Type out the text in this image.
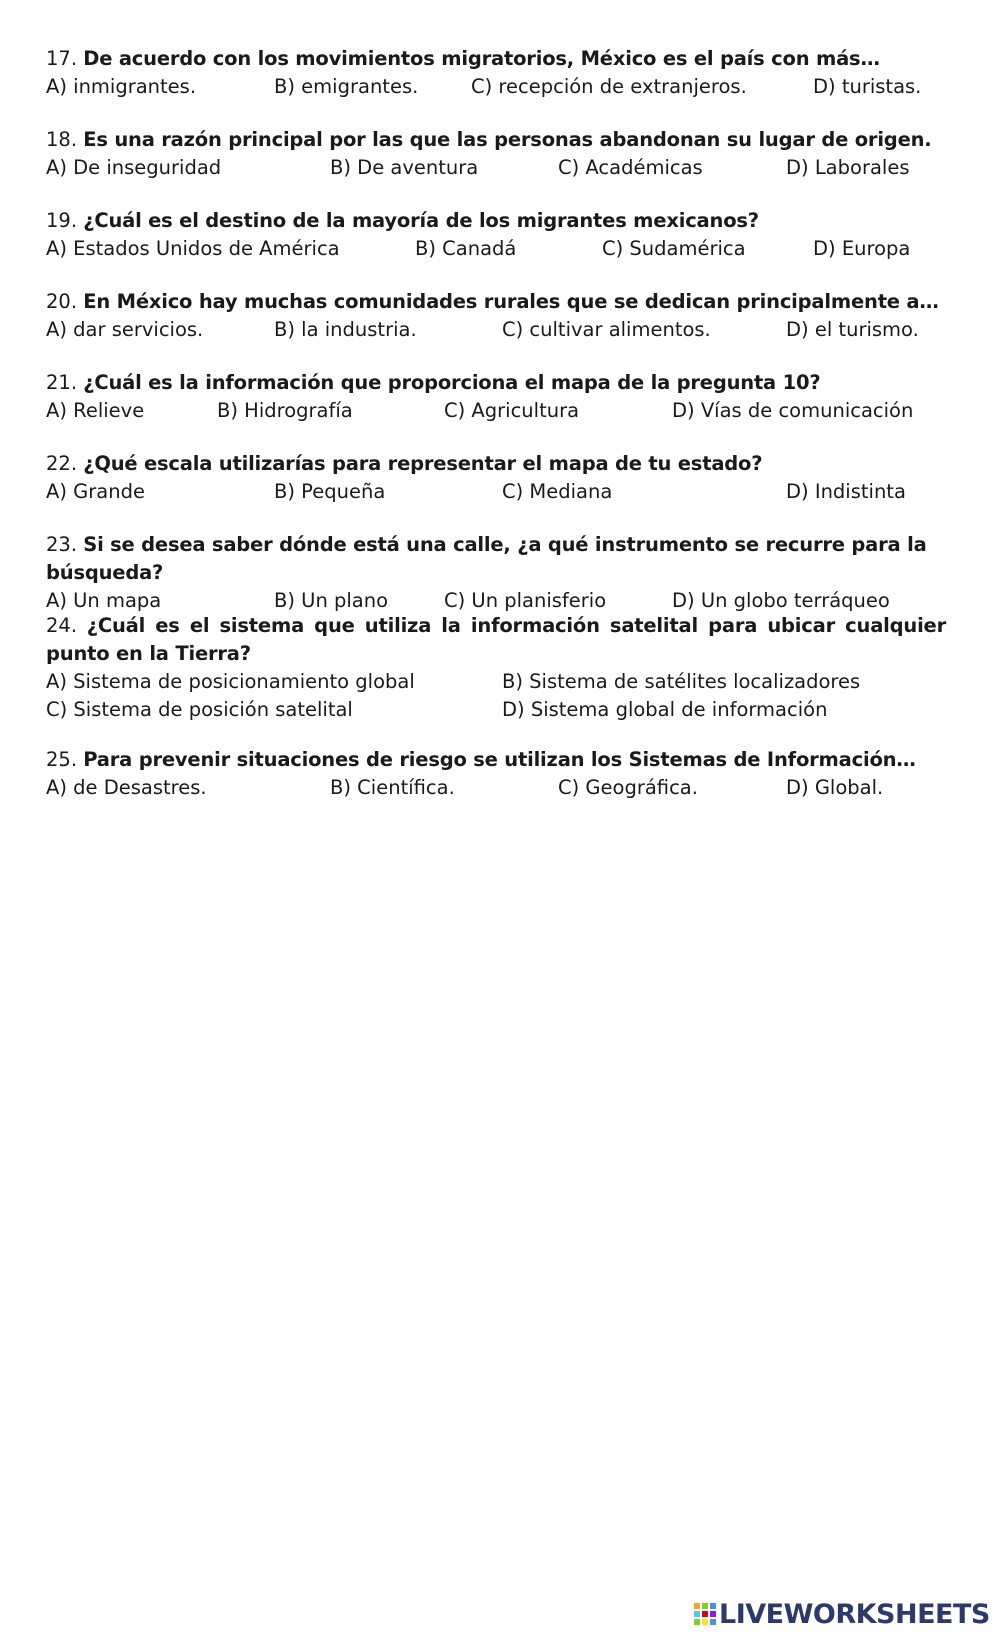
17. De acuerdo con los movimientos migratorios, México es el país con más…

A) inmigrantes.	B) emigrantes.	C) recepción de extranjeros.	D) turistas.

18. Es una razón principal por las que las personas abandonan su lugar de origen.

A) De inseguridad	B) De aventura	C) Académicas	D) Laborales

19. ¿Cuál es el destino de la mayoría de los migrantes mexicanos?

A) Estados Unidos de América	B) Canadá	C) Sudamérica	D) Europa

20. En México hay muchas comunidades rurales que se dedican principalmente a…

A) dar servicios.	B) la industria.	C) cultivar alimentos.	D) el turismo.

21. ¿Cuál es la información que proporciona el mapa de la pregunta 10?

A) Relieve	B) Hidrografía	C) Agricultura	D) Vías de comunicación

22. ¿Qué escala utilizarías para representar el mapa de tu estado?

A) Grande	B) Pequeña	C) Mediana	D) Indistinta

23. Si se desea saber dónde está una calle, ¿a qué instrumento se recurre para la búsqueda?

A) Un mapa	B) Un plano	C) Un planisferio	D) Un globo terráqueo

24. ¿Cuál es el sistema que utiliza la información satelital para ubicar cualquier punto en la Tierra?

A) Sistema de posicionamiento global	B) Sistema de satélites localizadores
C) Sistema de posición satelital	D) Sistema global de información

25. Para prevenir situaciones de riesgo se utilizan los Sistemas de Información…

A) de Desastres.	B) Científica.	C) Geográfica.	D) Global.
LIVEWORKSHEETS
